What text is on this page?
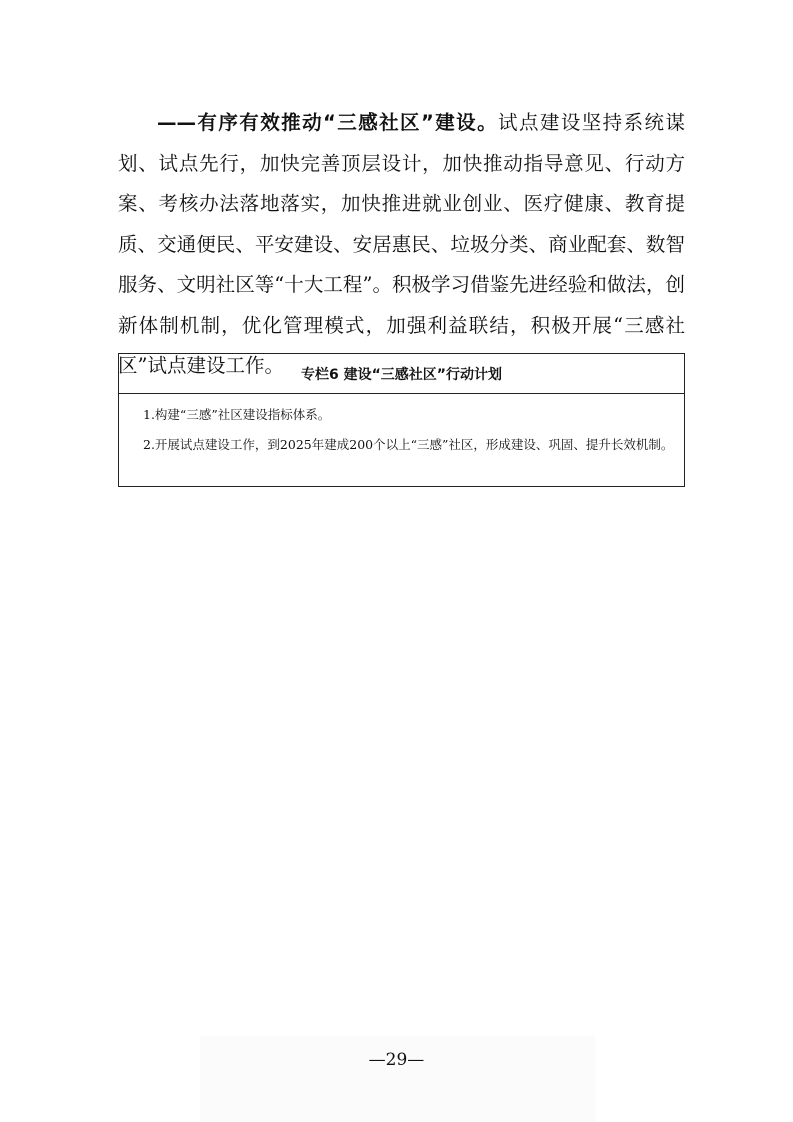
——有序有效推动“三感社区”建设。试点建设坚持系统谋划、试点先行，加快完善顶层设计，加快推动指导意见、行动方案、考核办法落地落实，加快推进就业创业、医疗健康、教育提质、交通便民、平安建设、安居惠民、垃圾分类、商业配套、数智服务、文明社区等“十大工程”。积极学习借鉴先进经验和做法，创新体制机制，优化管理模式，加强利益联结，积极开展“三感社区”试点建设工作。	专栏6 建设“三感社区”行动计划

1.构建“三感”社区建设指标体系。

2.开展试点建设工作，到2025年建成200个以上“三感”社区，形成建设、巩固、提升长效机制。

—29—
